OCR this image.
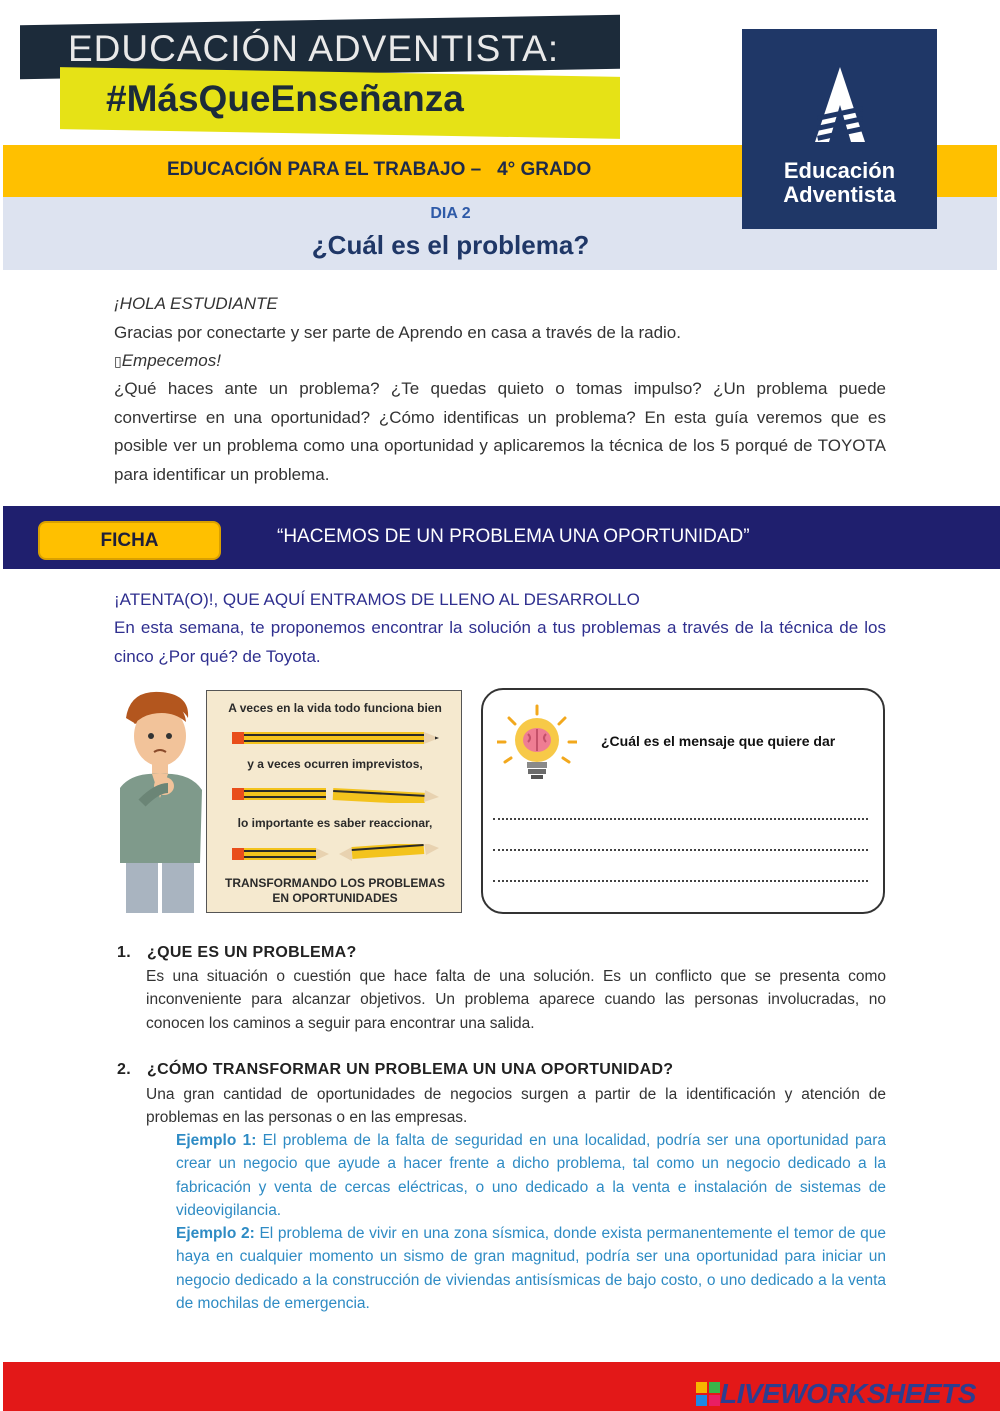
EDUCACIÓN ADVENTISTA:
#MásQueEnseñanza
Educación Adventista
EDUCACIÓN PARA EL TRABAJO –   4° GRADO
DIA 2
¿Cuál es el problema?
¡HOLA ESTUDIANTE
Gracias por conectarte y ser parte de Aprendo en casa a través de la radio.
▯Empecemos!
¿Qué haces ante un problema? ¿Te quedas quieto o tomas impulso? ¿Un problema puede convertirse en una oportunidad? ¿Cómo identificas un problema? En esta guía veremos que es posible ver un problema como una oportunidad y aplicaremos la técnica de los 5 porqué de TOYOTA para identificar un problema.
FICHA	“HACEMOS DE UN PROBLEMA UNA OPORTUNIDAD”
¡ATENTA(O)!, QUE AQUÍ ENTRAMOS DE LLENO AL DESARROLLO
En esta semana, te proponemos encontrar la solución a tus problemas a través de la técnica de los cinco ¿Por qué? de Toyota.
A veces en la vida todo funciona bien
y a veces ocurren imprevistos,
lo importante es saber reaccionar,
TRANSFORMANDO LOS PROBLEMAS
EN OPORTUNIDADES
¿Cuál es el mensaje que quiere dar
1. ¿QUE ES UN PROBLEMA?
Es una situación o cuestión que hace falta de una solución. Es un conflicto que se presenta como inconveniente para alcanzar objetivos. Un problema aparece cuando las personas involucradas, no conocen los caminos a seguir para encontrar una salida.
2. ¿CÓMO TRANSFORMAR UN PROBLEMA UN UNA OPORTUNIDAD?
Una gran cantidad de oportunidades de negocios surgen a partir de la identificación y atención de problemas en las personas o en las empresas.
Ejemplo 1: El problema de la falta de seguridad en una localidad, podría ser una oportunidad para crear un negocio que ayude a hacer frente a dicho problema, tal como un negocio dedicado a la fabricación y venta de cercas eléctricas, o uno dedicado a la venta e instalación de sistemas de videovigilancia.
Ejemplo 2: El problema de vivir en una zona sísmica, donde exista permanentemente el temor de que haya en cualquier momento un sismo de gran magnitud, podría ser una oportunidad para iniciar un negocio dedicado a la construcción de viviendas antisísmicas de bajo costo, o uno dedicado a la venta de mochilas de emergencia.
LIVEWORKSHEETS
